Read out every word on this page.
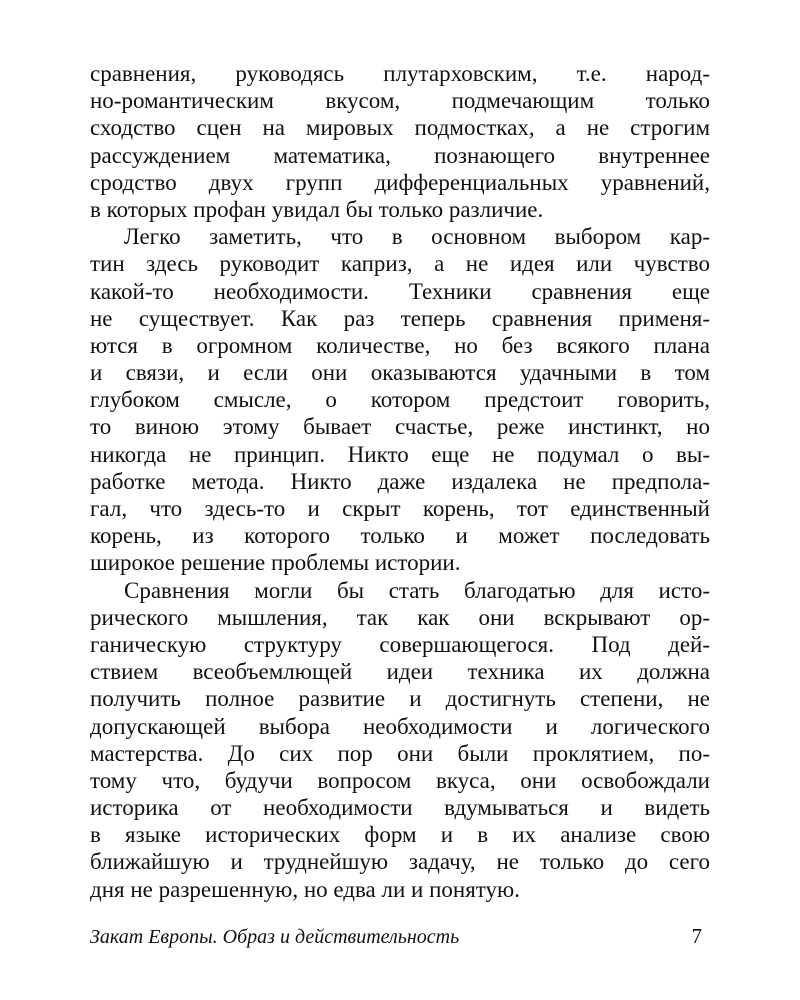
сравнения, руководясь плутарховским, т.е. народ-
но-романтическим вкусом, подмечающим только
сходство сцен на мировых подмостках, а не строгим
рассуждением математика, познающего внутреннее
сродство двух групп дифференциальных уравнений,
в которых профан увидал бы только различие.
Легко заметить, что в основном выбором кар-
тин здесь руководит каприз, а не идея или чувство
какой-то необходимости. Техники сравнения еще
не существует. Как раз теперь сравнения применя-
ются в огромном количестве, но без всякого плана
и связи, и если они оказываются удачными в том
глубоком смысле, о котором предстоит говорить,
то виною этому бывает счастье, реже инстинкт, но
никогда не принцип. Никто еще не подумал о вы-
работке метода. Никто даже издалека не предпола-
гал, что здесь-то и скрыт корень, тот единственный
корень, из которого только и может последовать
широкое решение проблемы истории.
Сравнения могли бы стать благодатью для исто-
рического мышления, так как они вскрывают ор-
ганическую структуру совершающегося. Под дей-
ствием всеобъемлющей идеи техника их должна
получить полное развитие и достигнуть степени, не
допускающей выбора необходимости и логического
мастерства. До сих пор они были проклятием, по-
тому что, будучи вопросом вкуса, они освобождали
историка от необходимости вдумываться и видеть
в языке исторических форм и в их анализе свою
ближайшую и труднейшую задачу, не только до сего
дня не разрешенную, но едва ли и понятую.
Закат Европы. Образ и действительность	7
